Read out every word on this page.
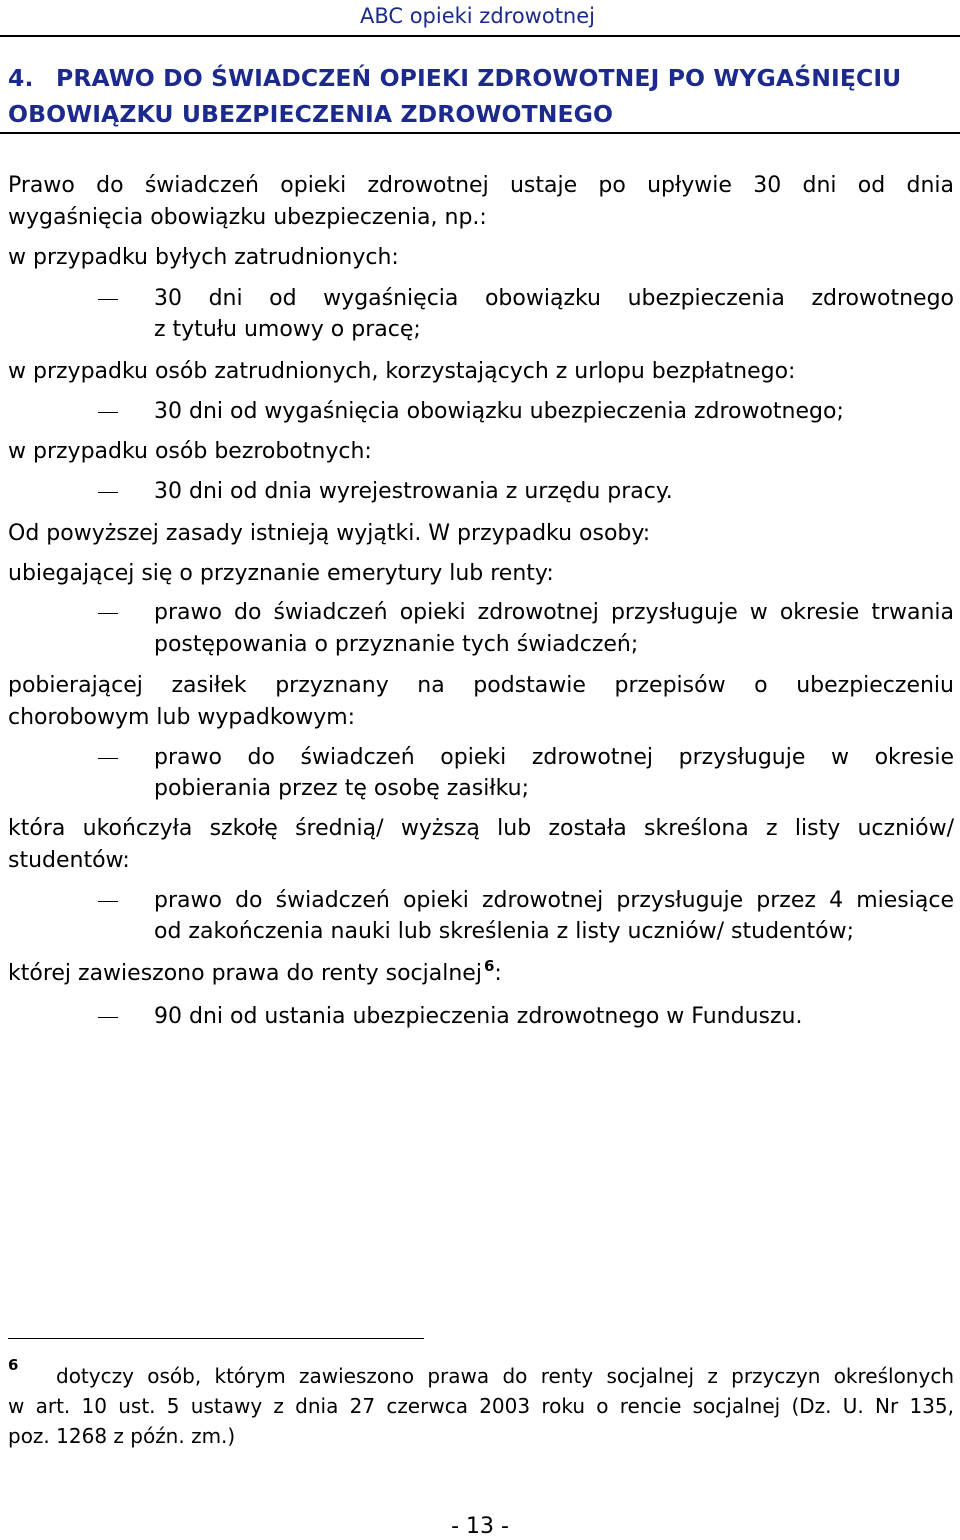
ABC opieki zdrowotnej
4. PRAWO DO ŚWIADCZEŃ OPIEKI ZDROWOTNEJ PO WYGAŚNIĘCIU
OBOWIĄZKU UBEZPIECZENIA ZDROWOTNEGO
Prawo do świadczeń opieki zdrowotnej ustaje po upływie 30 dni od dnia
wygaśnięcia obowiązku ubezpieczenia, np.:
w przypadku byłych zatrudnionych:
30 dni od wygaśnięcia obowiązku ubezpieczenia zdrowotnego
z tytułu umowy o pracę;
w przypadku osób zatrudnionych, korzystających z urlopu bezpłatnego:
30 dni od wygaśnięcia obowiązku ubezpieczenia zdrowotnego;
w przypadku osób bezrobotnych:
30 dni od dnia wyrejestrowania z urzędu pracy.
Od powyższej zasady istnieją wyjątki. W przypadku osoby:
ubiegającej się o przyznanie emerytury lub renty:
prawo do świadczeń opieki zdrowotnej przysługuje w okresie trwania
postępowania o przyznanie tych świadczeń;
pobierającej zasiłek przyznany na podstawie przepisów o ubezpieczeniu
chorobowym lub wypadkowym:
prawo do świadczeń opieki zdrowotnej przysługuje w okresie
pobierania przez tę osobę zasiłku;
która ukończyła szkołę średnią/ wyższą lub została skreślona z listy uczniów/
studentów:
prawo do świadczeń opieki zdrowotnej przysługuje przez 4 miesiące
od zakończenia nauki lub skreślenia z listy uczniów/ studentów;
której zawieszono prawa do renty socjalnej $^6$:
90 dni od ustania ubezpieczenia zdrowotnego w Funduszu.
6 dotyczy osób, którym zawieszono prawa do renty socjalnej z przyczyn określonych
w art. 10 ust. 5 ustawy z dnia 27 czerwca 2003 roku o rencie socjalnej (Dz. U. Nr 135,
poz. 1268 z późn. zm.)
- 13 -
